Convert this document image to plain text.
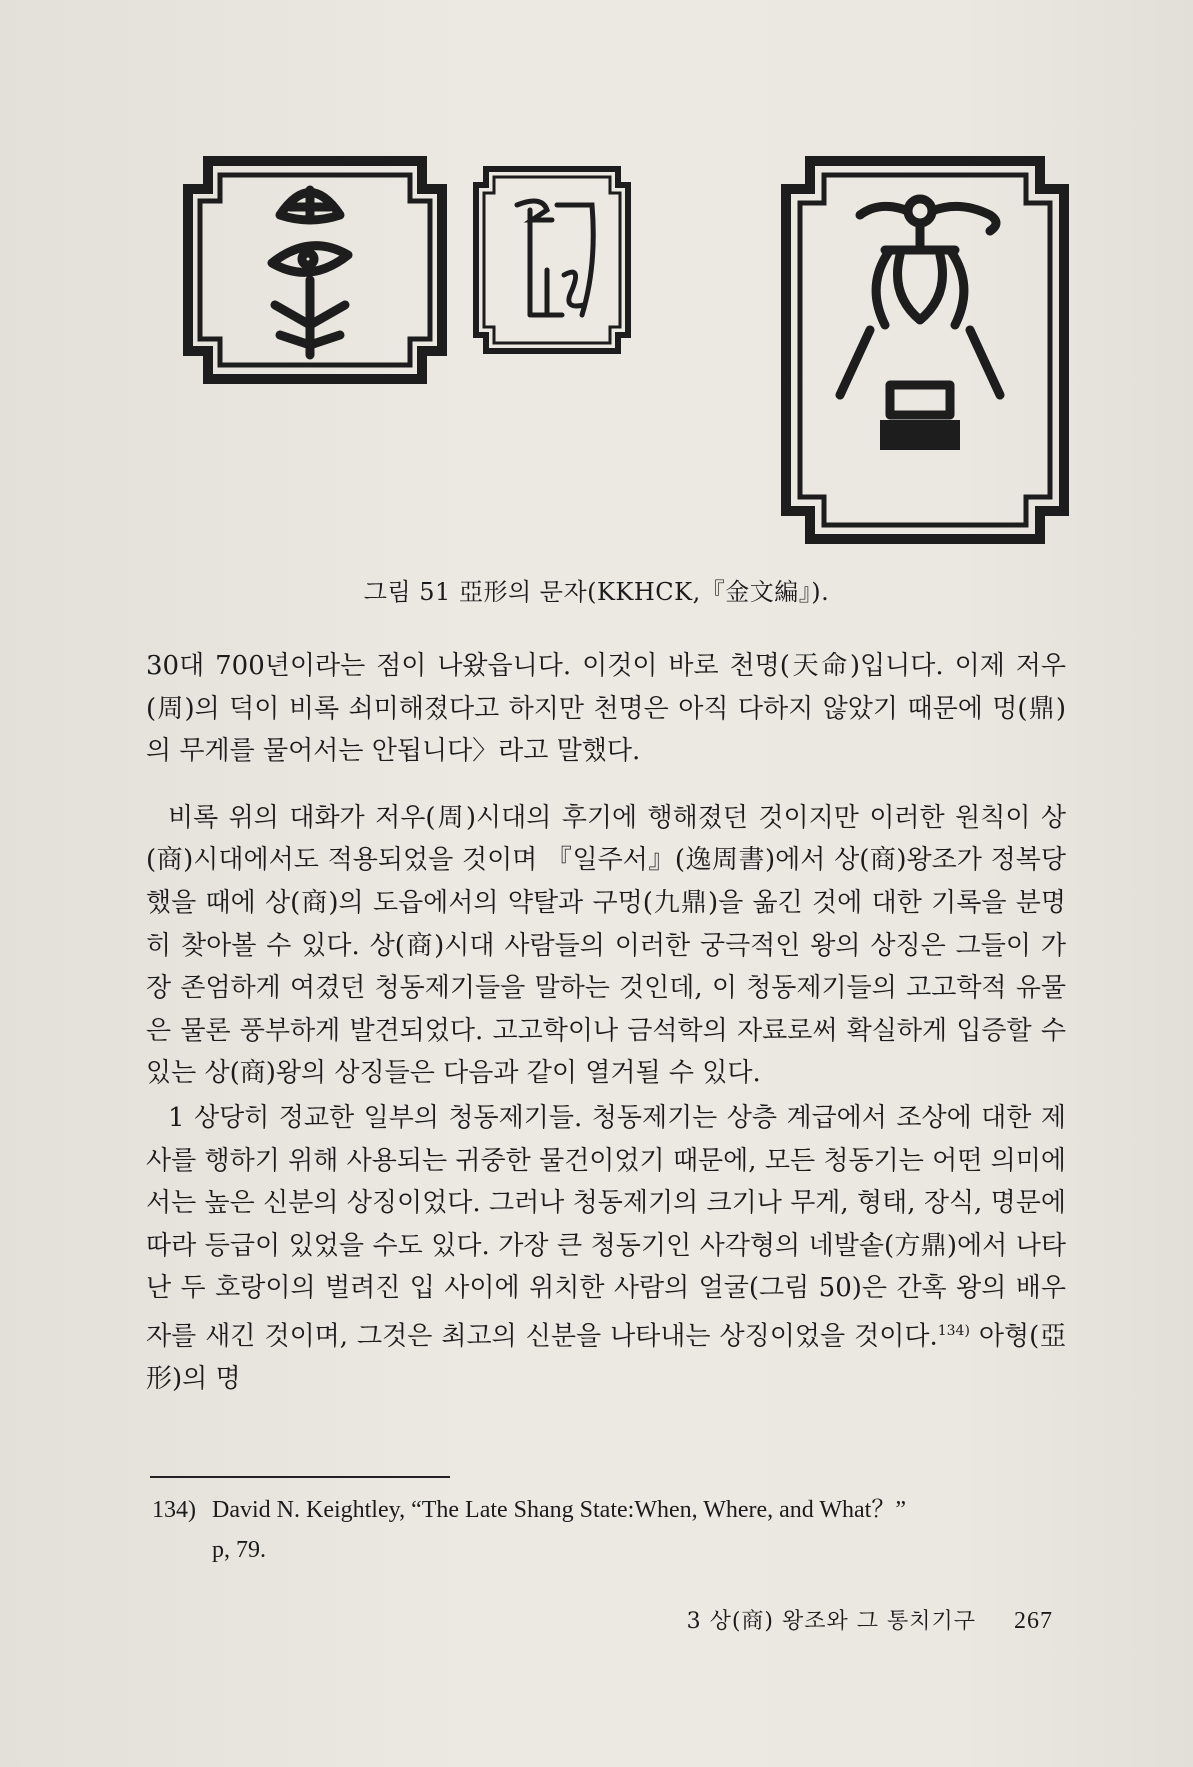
그림 51 亞形의 문자(KKHCK,『金文編』).

30대 700년이라는 점이 나왔읍니다. 이것이 바로 천명(天命)입니다. 이제 저우(周)의 덕이 비록 쇠미해졌다고 하지만 천명은 아직 다하지 않았기 때문에 멍(鼎)의 무게를 물어서는 안됩니다〉라고 말했다.

비록 위의 대화가 저우(周)시대의 후기에 행해졌던 것이지만 이러한 원칙이 상(商)시대에서도 적용되었을 것이며 『일주서』(逸周書)에서 상(商)왕조가 정복당했을 때에 상(商)의 도읍에서의 약탈과 구멍(九鼎)을 옮긴 것에 대한 기록을 분명히 찾아볼 수 있다. 상(商)시대 사람들의 이러한 궁극적인 왕의 상징은 그들이 가장 존엄하게 여겼던 청동제기들을 말하는 것인데, 이 청동제기들의 고고학적 유물은 물론 풍부하게 발견되었다. 고고학이나 금석학의 자료로써 확실하게 입증할 수 있는 상(商)왕의 상징들은 다음과 같이 열거될 수 있다.

1 상당히 정교한 일부의 청동제기들. 청동제기는 상층 계급에서 조상에 대한 제사를 행하기 위해 사용되는 귀중한 물건이었기 때문에, 모든 청동기는 어떤 의미에서는 높은 신분의 상징이었다. 그러나 청동제기의 크기나 무게, 형태, 장식, 명문에 따라 등급이 있었을 수도 있다. 가장 큰 청동기인 사각형의 네발솥(方鼎)에서 나타난 두 호랑이의 벌려진 입 사이에 위치한 사람의 얼굴(그림 50)은 간혹 왕의 배우자를 새긴 것이며, 그것은 최고의 신분을 나타내는 상징이었을 것이다.$^{134)}$ 아형(亞形)의 명

134) David N. Keightley, “The Late Shang State:When, Where, and What？”
p, 79.
3 상(商) 왕조와 그 통치기구 267
